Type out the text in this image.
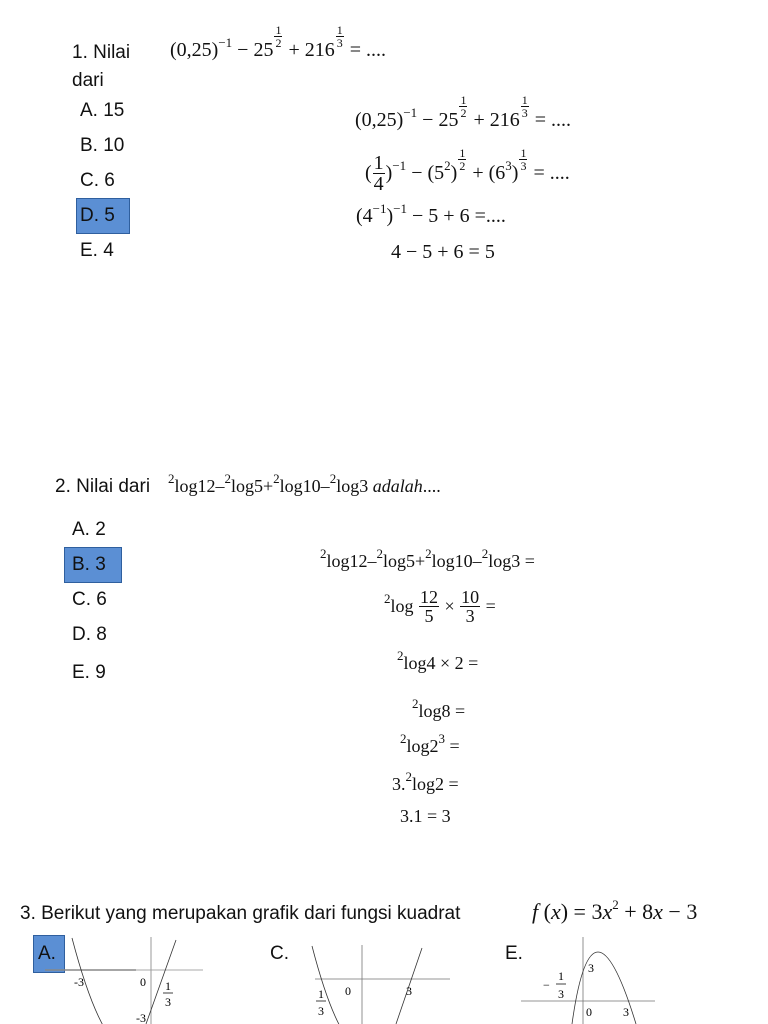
1. Nilai
dari
$(0,25)^{-1} - 25$
$\frac{1}{2}$
+ 216
$\frac{1}{3}$
= ....
A. 15
B. 10
C. 6
D. 5
E. 4
$(0,25)^{-1} - 25$
$\frac{1}{2}$
+ 216
$\frac{1}{3}$
= ....
( $\frac{1}{4} )^{-1} - (5^2$ )
$\frac{1}{2}$
+ ($6^3$ )
$\frac{1}{3}$
= ....
($4^{-1}$ )$^{-1}$ − 5 + 6 =....
4 − 5 + 6 = 5
2. Nilai dari $^2$ log12–$^2$ log5+$^2$ log10–$^2$ log3 adalah ....
A. 2
B. 3
C. 6
D. 8
E. 9
$^2$ log12–$^2$ log5+$^2$ log10–$^2$ log3 =
$^2$ $\log \frac{12}{5} \times \frac{10}{3}$ =
$^2$ log4 × 2 =
$^2$ log8 =
$^2$ $\log 2^3$ =
3.$^2$ log2 =
3.1 = 3
3. Berikut yang merupakan grafik dari fungsi kuadrat	f ( x ) = 3 $x^2 + 8$ x − 3
A.	C.	E.
-3	0 1
3
-3
1
3
0	3	−
1
3
3
0	3
